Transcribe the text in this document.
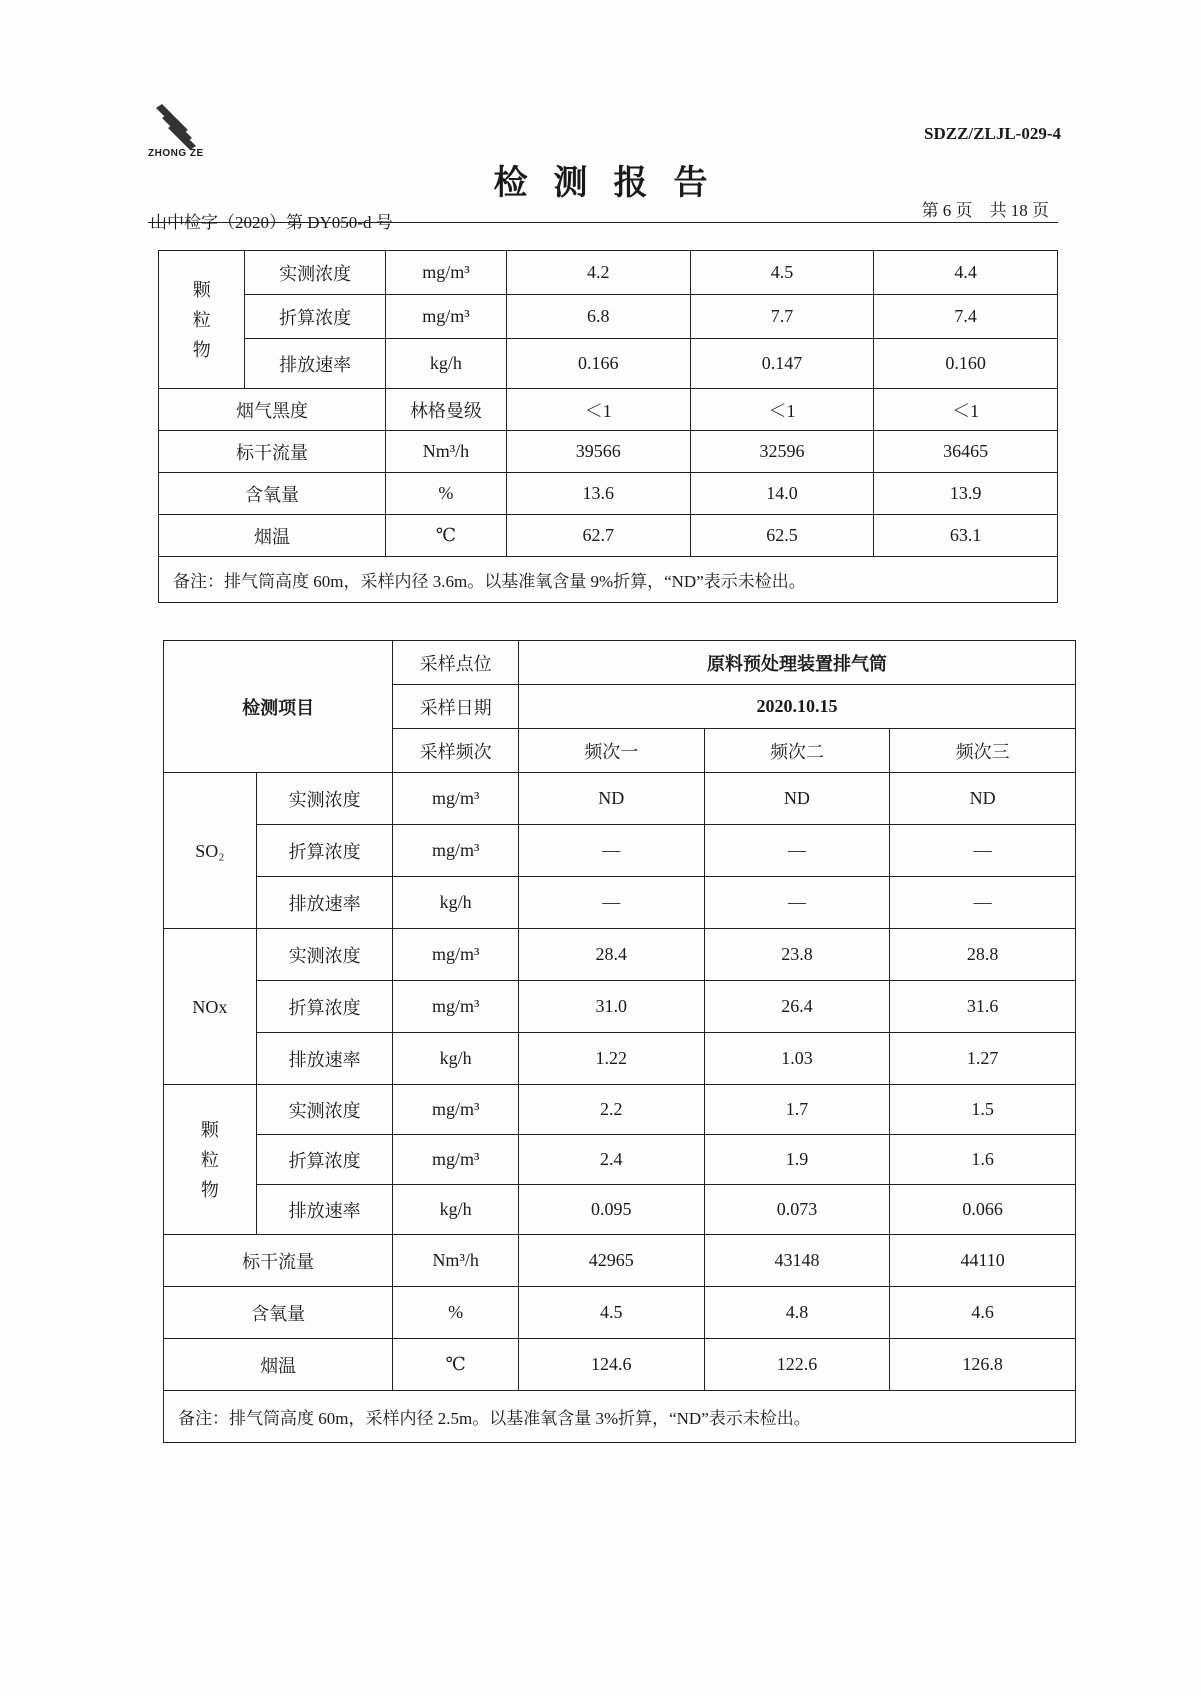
ZHONG ZE
SDZZ/ZLJL-029-4
检测报告
山中检字（2020）第 DY050-d 号
第 6 页　共 18 页
颗
粒
物	实测浓度	mg/m³	4.2	4.5	4.4
	折算浓度	mg/m³	6.8	7.7	7.4
	排放速率	kg/h	0.166	0.147	0.160
烟气黑度		林格曼级	＜1	＜1	＜1
标干流量		Nm³/h	39566	32596	36465
含氧量		%	13.6	14.0	13.9
烟温		℃	62.7	62.5	63.1
备注：排气筒高度 60m，采样内径 3.6m。以基准氧含量 9%折算，“ND”表示未检出。					
检测项目		采样点位	原料预处理装置排气筒		
		采样日期	2020.10.15		
		采样频次	频次一	频次二	频次三
SO₂	实测浓度	mg/m³	ND	ND	ND
	折算浓度	mg/m³	—	—	—
	排放速率	kg/h	—	—	—
NOx	实测浓度	mg/m³	28.4	23.8	28.8
	折算浓度	mg/m³	31.0	26.4	31.6
	排放速率	kg/h	1.22	1.03	1.27
颗
粒
物	实测浓度	mg/m³	2.2	1.7	1.5
	折算浓度	mg/m³	2.4	1.9	1.6
	排放速率	kg/h	0.095	0.073	0.066
标干流量		Nm³/h	42965	43148	44110
含氧量		%	4.5	4.8	4.6
烟温		℃	124.6	122.6	126.8
备注：排气筒高度 60m，采样内径 2.5m。以基准氧含量 3%折算，“ND”表示未检出。					
